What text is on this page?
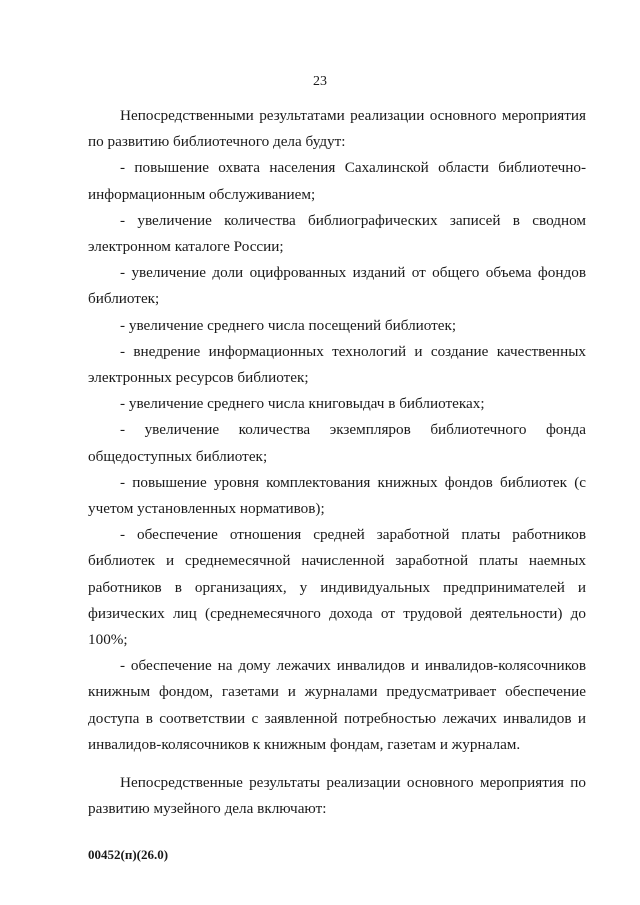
23

Непосредственными результатами реализации основного мероприятия по развитию библиотечного дела будут:

- повышение охвата населения Сахалинской области библиотечно-информационным обслуживанием;

- увеличение количества библиографических записей в сводном электронном каталоге России;

- увеличение доли оцифрованных изданий от общего объема фондов библиотек;

- увеличение среднего числа посещений библиотек;

- внедрение информационных технологий и создание качественных электронных ресурсов библиотек;

- увеличение среднего числа книговыдач в библиотеках;

- увеличение количества экземпляров библиотечного фонда общедоступных библиотек;

- повышение уровня комплектования книжных фондов библиотек (с учетом установленных нормативов);

- обеспечение отношения средней заработной платы работников библиотек и среднемесячной начисленной заработной платы наемных работников в организациях, у индивидуальных предпринимателей и физических лиц (среднемесячного дохода от трудовой деятельности) до 100%;

- обеспечение на дому лежачих инвалидов и инвалидов-колясочников книжным фондом, газетами и журналами предусматривает обеспечение доступа в соответствии с заявленной потребностью лежачих инвалидов и инвалидов-колясочников к книжным фондам, газетам и журналам.

Непосредственные результаты реализации основного мероприятия по развитию музейного дела включают:

00452(п)(26.0)
